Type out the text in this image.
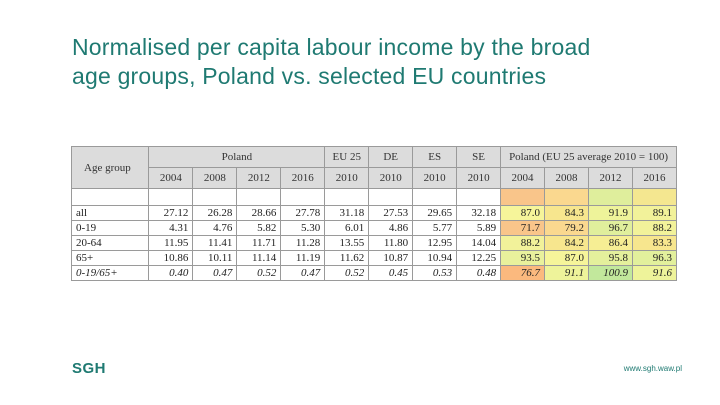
Normalised per capita labour income by the broad
age groups, Poland vs. selected EU countries
Age group	Poland				EU 25	DE	ES	SE	Poland (EU 25 average 2010 = 100)			
	2004	2008	2012	2016	2010	2010	2010	2010	2004	2008	2012	2016

all	27.12	26.28	28.66	27.78	31.18	27.53	29.65	32.18	87.0	84.3	91.9	89.1
0-19	4.31	4.76	5.82	5.30	6.01	4.86	5.77	5.89	71.7	79.2	96.7	88.2
20-64	11.95	11.41	11.71	11.28	13.55	11.80	12.95	14.04	88.2	84.2	86.4	83.3
65+	10.86	10.11	11.14	11.19	11.62	10.87	10.94	12.25	93.5	87.0	95.8	96.3
0-19/65+	0.40	0.47	0.52	0.47	0.52	0.45	0.53	0.48	76.7	91.1	100.9	91.6
SGH	www.sgh.waw.pl
